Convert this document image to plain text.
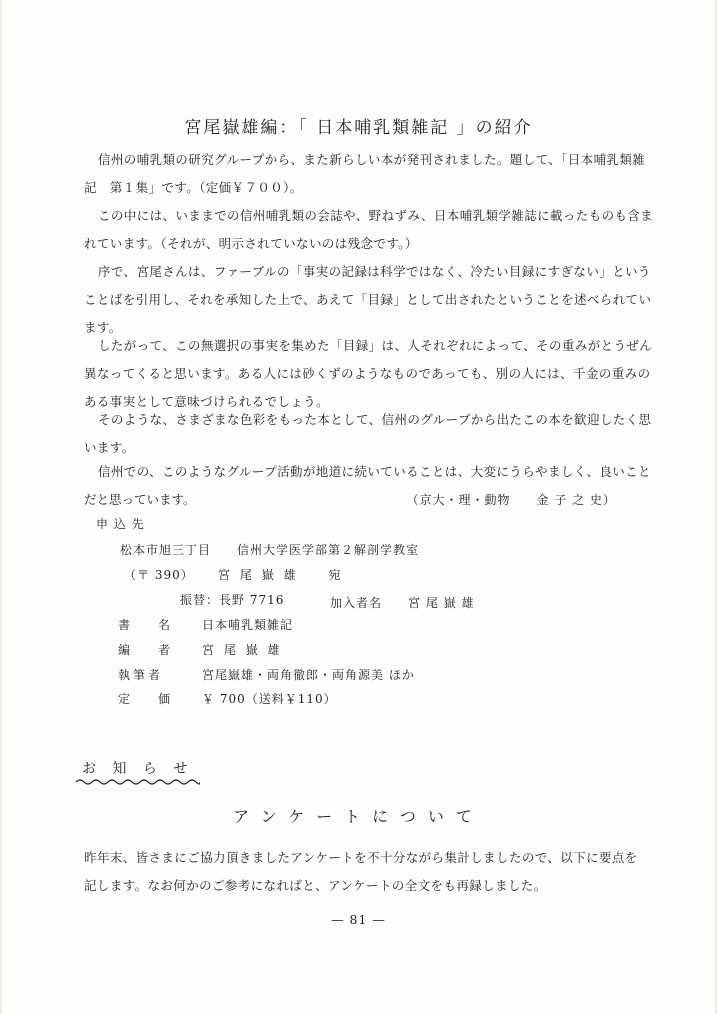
宮尾嶽雄編：「 日本哺乳類雑記 」の紹介
信州の哺乳類の研究グループから、また新らしい本が発刊されました。題して、「日本哺乳類雑
記　第１集」です。（定価￥７００）。
この中には、いままでの信州哺乳類の会誌や、野ねずみ、日本哺乳類学雑誌に載ったものも含ま
れています。（それが、明示されていないのは残念です。）
序で、宮尾さんは、ファーブルの「事実の記録は科学ではなく、冷たい目録にすぎない」という
ことばを引用し、それを承知した上で、あえて「目録」として出されたということを述べられてい
ます。
したがって、この無選択の事実を集めた「目録」は、人それぞれによって、その重みがとうぜん
異なってくると思います。ある人には砂くずのようなものであっても、別の人には、千金の重みの
ある事実として意味づけられるでしょう。
そのような、さまざまな色彩をもった本として、信州のグループから出たこの本を歓迎したく思
います。
信州での、このようなグループ活動が地道に続いていることは、大変にうらやましく、良いこと
だと思っています。	（京大・理・動物　　金 子 之 史）
申 込 先
松本市旭三丁目　　信州大学医学部第２解剖学教室
（〒 390） 宮 尾 嶽 雄　　宛
振替：長野 7716	加入者名　　宮 尾 嶽 雄
書　名 日本哺乳類雑記
編　者 宮 尾 嶽 雄
執筆者	宮尾嶽雄・両角徹郎・両角源美 ほか
定　価 ￥ 700（送料￥110）
お 知 ら せ
アンケートについて
昨年末、皆さまにご協力頂きましたアンケートを不十分ながら集計しましたので、以下に要点を
記します。なお何かのご参考になればと、アンケートの全文をも再録しました。
— 81 —
